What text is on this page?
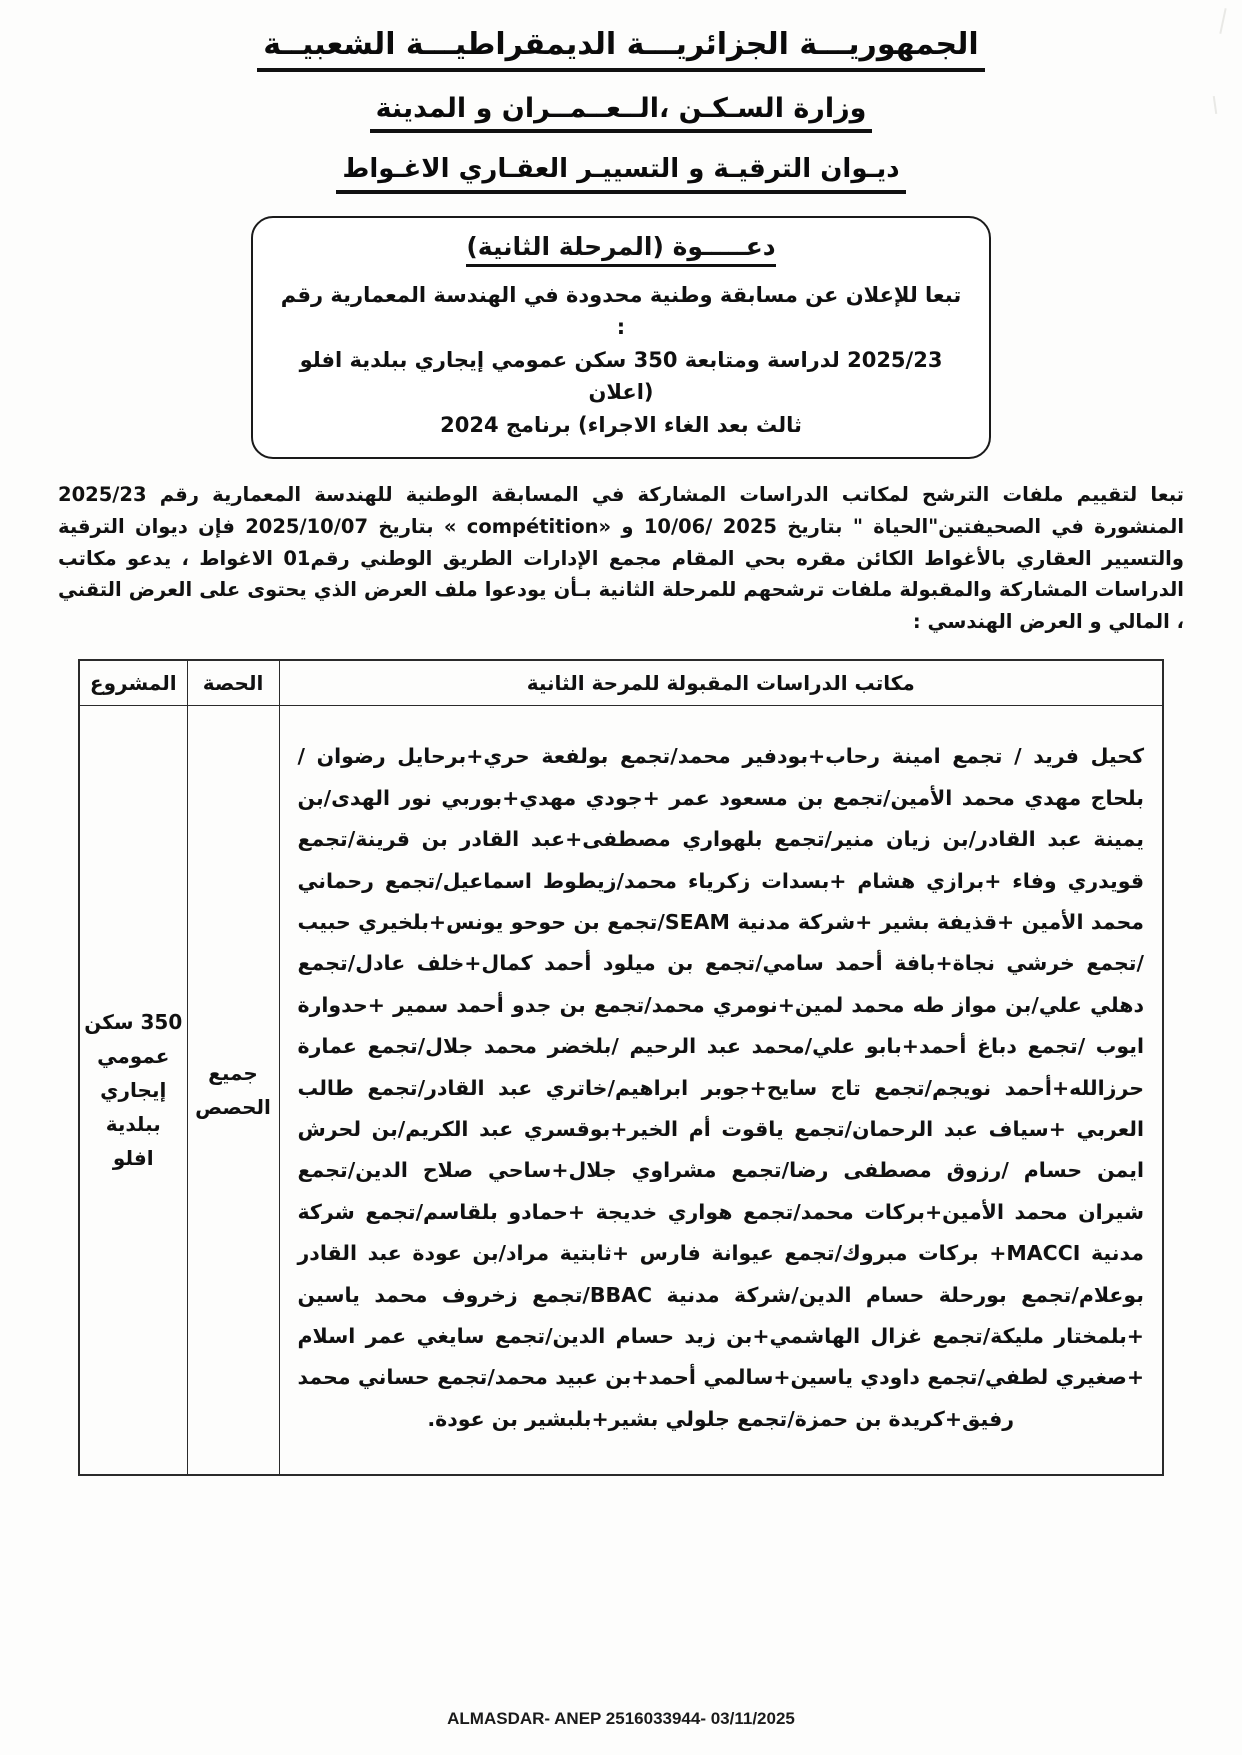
الجمهوريـــة الجزائريـــة الديمقراطيـــة الشعبيــة
وزارة السـكـن ،الــعــمــران و المدينة
ديـوان الترقيـة و التسييـر العقـاري الاغـواط
دعـــــوة (المرحلة الثانية)
تبعا للإعلان عن مسابقة وطنية محدودة في الهندسة المعمارية رقم :
2025/23 لدراسة ومتابعة 350 سكن عمومي إيجاري ببلدية افلو (اعلان
ثالث بعد الغاء الاجراء) برنامج 2024
تبعا لتقييم ملفات الترشح لمكاتب الدراسات المشاركة في المسابقة الوطنية للهندسة المعمارية رقم 2025/23 المنشورة في الصحيفتين"الحياة " بتاريخ 2025 /10/06 و «compétition » بتاريخ 2025/10/07 فإن ديوان الترقية والتسيير العقاري بالأغواط الكائن مقره بحي المقام مجمع الإدارات الطريق الوطني رقم01 الاغواط ، يدعو مكاتب الدراسات المشاركة والمقبولة ملفات ترشحهم للمرحلة الثانية بـأن يودعوا ملف العرض الذي يحتوى على العرض التقني ، المالي و العرض الهندسي :
مكاتب الدراسات المقبولة للمرحة الثانية	الحصة	المشروع
كحيل فريد / تجمع امينة رحاب+بودفير محمد/تجمع بولفعة حري+برحايل رضوان /بلحاج مهدي محمد الأمين/تجمع بن مسعود عمر +جودي مهدي+بوربي نور الهدى/بن يمينة عبد القادر/بن زيان منير/تجمع بلهواري مصطفى+عبد القادر بن قرينة/تجمع قويدري وفاء +برازي هشام +بسدات زكرياء محمد/زيطوط اسماعيل/تجمع رحماني محمد الأمين +قذيفة بشير +شركة مدنية SEAM/تجمع بن حوحو يونس+بلخيري حبيب /تجمع خرشي نجاة+بافة أحمد سامي/تجمع بن ميلود أحمد كمال+خلف عادل/تجمع دهلي علي/بن مواز طه محمد لمين+نومري محمد/تجمع بن جدو أحمد سمير +حدوارة ايوب /تجمع دباغ أحمد+بابو علي/محمد عبد الرحيم /بلخضر محمد جلال/تجمع عمارة حرزالله+أحمد نويجم/تجمع تاج سايح+جوبر ابراهيم/خاتري عبد القادر/تجمع طالب العربي +سياف عبد الرحمان/تجمع ياقوت أم الخير+بوقسري عبد الكريم/بن لحرش ايمن حسام /رزوق مصطفى رضا/تجمع مشراوي جلال+ساحي صلاح الدين/تجمع شيران محمد الأمين+بركات محمد/تجمع هواري خديجة +حمادو بلقاسم/تجمع شركة مدنية MACCI+ بركات مبروك/تجمع عيوانة فارس +ثابتية مراد/بن عودة عبد القادر بوعلام/تجمع بورحلة حسام الدين/شركة مدنية BBAC/تجمع زخروف محمد ياسين +بلمختار مليكة/تجمع غزال الهاشمي+بن زيد حسام الدين/تجمع سايغي عمر اسلام +صغيري لطفي/تجمع داودي ياسين+سالمي أحمد+بن عبيد محمد/تجمع حساني محمد رفيق+كريدة بن حمزة/تجمع جلولي بشير+بلبشير بن عودة.	جميع الحصص	350 سكن عمومي إيجاري ببلدية افلو
ALMASDAR- ANEP 2516033944- 03/11/2025
